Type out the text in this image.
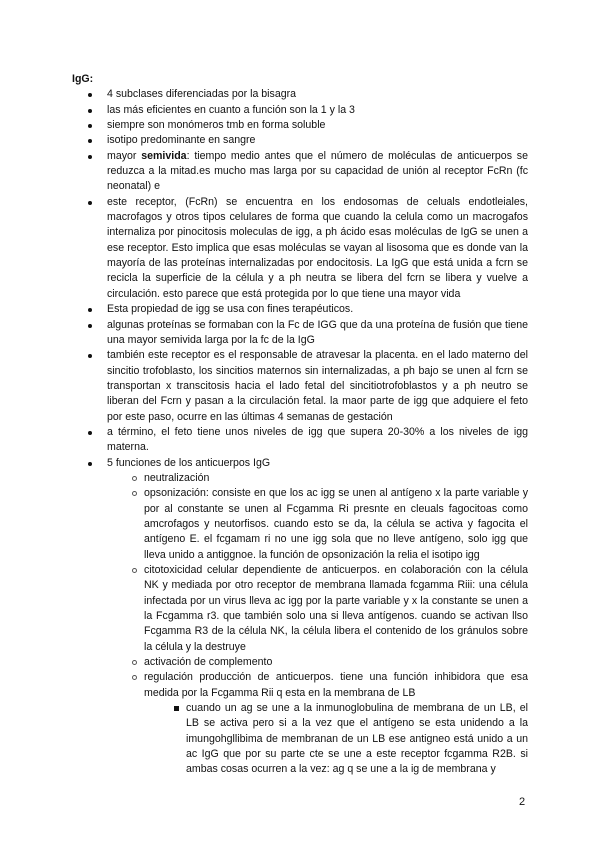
IgG:

4 subclases diferenciadas por la bisagra
las más eficientes en cuanto a función son la 1 y la 3
siempre son monómeros tmb en forma soluble
isotipo predominante en sangre
mayor semivida: tiempo medio antes que el número de moléculas de anticuerpos se reduzca a la mitad.es mucho mas larga por su capacidad de unión al receptor FcRn (fc neonatal) e
este receptor, (FcRn) se encuentra en los endosomas de celuals endotleiales, macrofagos y otros tipos celulares de forma que cuando la celula como un macrogafos internaliza por pinocitosis moleculas de igg, a ph ácido esas moléculas de IgG se unen a ese receptor. Esto implica que esas moléculas se vayan al lisosoma que es donde van la mayoría de las proteínas internalizadas por endocitosis. La IgG que está unida a fcrn se recicla la superficie de la célula y a ph neutra se libera del fcrn se libera y vuelve a circulación. esto parece que está protegida por lo que tiene una mayor vida
Esta propiedad de igg se usa con fines terapéuticos.
algunas proteínas se formaban con la Fc de IGG que da una proteína de fusión que tiene una mayor semivida larga por la fc de la IgG
también este receptor es el responsable de atravesar la placenta. en el lado materno del sincitio trofoblasto, los sincitios maternos sin internalizadas, a ph bajo se unen al fcrn se transportan x transcitosis hacia el lado fetal del sincitiotrofoblastos y a ph neutro se liberan del Fcrn y pasan a la circulación fetal. la maor parte de igg que adquiere el feto por este paso, ocurre en las últimas 4 semanas de gestación
a término, el feto tiene unos niveles de igg que supera 20-30% a los niveles de igg materna.
5 funciones de los anticuerpos IgG
neutralización
opsonización: consiste en que los ac igg se unen al antígeno x la parte variable y por al constante se unen al Fcgamma Ri presnte en cleuals fagocitoas como amcrofagos y neutorfisos. cuando esto se da, la célula se activa y fagocita el antígeno E. el fcgamam ri no une igg sola que no lleve antígeno, solo igg que lleva unido a antiggnoe. la función de opsonización la relia el isotipo igg
citotoxicidad celular dependiente de anticuerpos. en colaboración con la célula NK y mediada por otro receptor de membrana llamada fcgamma Riii: una célula infectada por un virus lleva ac igg por la parte variable y x la constante se unen a la Fcgamma r3. que también solo una si lleva antígenos. cuando se activan llso Fcgamma R3 de la célula NK, la célula libera el contenido de los gránulos sobre la célula y la destruye
activación de complemento
regulación producción de anticuerpos. tiene una función inhibidora que esa medida por la Fcgamma Rii q esta en la membrana de LB
cuando un ag se une a la inmunoglobulina de membrana de un LB, el LB se activa pero si a la vez que el antígeno se esta unidendo a la imungohgllibima de membranan de un LB ese antigneo está unido a un ac IgG que por su parte cte se une a este receptor fcgamma R2B. si ambas cosas ocurren a la vez: ag q se une a la ig de membrana y
2
